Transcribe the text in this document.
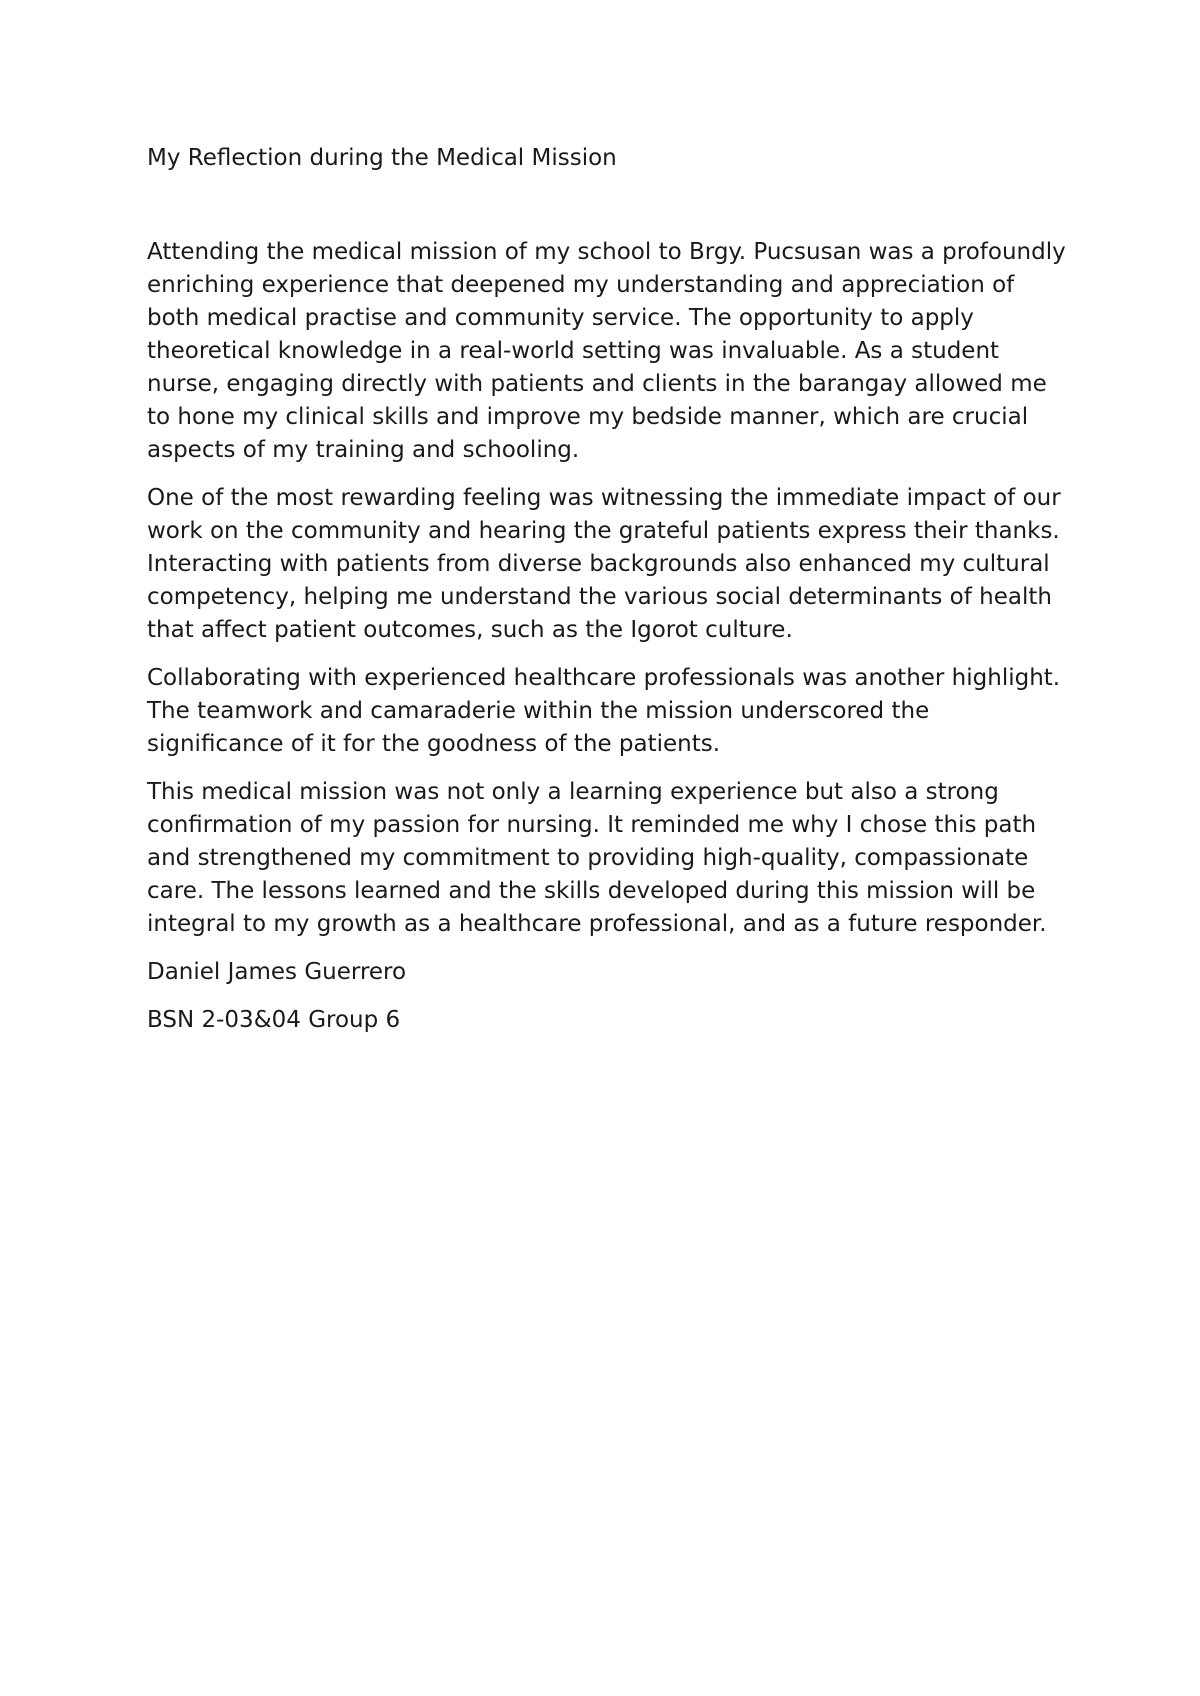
My Reflection during the Medical Mission

Attending the medical mission of my school to Brgy. Pucsusan was a profoundly enriching experience that deepened my understanding and appreciation of both medical practise and community service. The opportunity to apply theoretical knowledge in a real-world setting was invaluable. As a student nurse, engaging directly with patients and clients in the barangay allowed me to hone my clinical skills and improve my bedside manner, which are crucial aspects of my training and schooling.

One of the most rewarding feeling was witnessing the immediate impact of our work on the community and hearing the grateful patients express their thanks. Interacting with patients from diverse backgrounds also enhanced my cultural competency, helping me understand the various social determinants of health that affect patient outcomes, such as the Igorot culture.

Collaborating with experienced healthcare professionals was another highlight. The teamwork and camaraderie within the mission underscored the significance of it for the goodness of the patients.

This medical mission was not only a learning experience but also a strong confirmation of my passion for nursing. It reminded me why I chose this path and strengthened my commitment to providing high-quality, compassionate care. The lessons learned and the skills developed during this mission will be integral to my growth as a healthcare professional, and as a future responder.

Daniel James Guerrero

BSN 2-03&04 Group 6
